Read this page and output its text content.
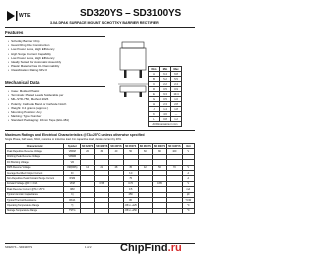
WTE	SD320YS – SD3100YS
3.0A DPAK SURFACE MOUNT SCHOTTKY BARRIER RECTIFIER
Features
• Schottky Barrier Chip
• Guard Ring Die Construction
• Low Power Loss, High Efficiency
• High Surge Current Capability
• Low Power Loss, High Efficiency
• Ideally Suited for Automatic Assembly
• Plastic Material has UL Flammability
• Classification Rating 94V-0
Mechanical Data
• Case: Molded Plastic
• Terminals: Plated Leads Solderable per
• MIL-STD-750, Method 2026
• Polarity: Cathode Band or Cathode Notch
• Weight: 0.4 grams (approx.)
• Mounting Position: Any
• Marking: Type Number
• Standard Packaging: 16mm Tape (EIA-481)
Dim	Min	Max
A	6.4	6.8
B	5.2	5.5
C	2.2	2.4
D	0.5	0.9
E	9.3	10.4
G	0.5	1.0
H	2.3	2.8
J	1.4	1.8
K	4.6	—
L	0.8	1.2
All Dimensions in mm		
Maximum Ratings and Electrical Characteristics @TA=25°C unless otherwise specified
Single Phase, half wave, 60Hz, resistive or inductive load. For capacitive load, derate current by 20%.
Characteristic	Symbol	SD 320YS	SD 330YS	SD 340YS	SD 350YS	SD 360YS	SD 380YS	SD 3100YS	Unit
Peak Repetitive Reverse Voltage	VRRM	20	30	40	50	60	80	100	V
Working Peak Reverse Voltage	VRWM								
DC Blocking Voltage	VR								
RMS Reverse Voltage	VR(RMS)	14	21	28	35	42	56	70	V
Average Rectified Output Current	IO				3.0				A
Non-Repetitive Peak Forward Surge Current	IFSM				75				A
Forward Voltage @IF = 3.0A	VFM		0.55		0.70		0.85		V
Peak Reverse Current @TA = 25°C	IRM				0.5				mA
Typical Junction Capacitance	Cj				250				pF
Typical Thermal Resistance	RθJA				80				°C/W
Operating Temperature Range	Tj				-65 to +125				°C
Storage Temperature Range	TSTG				-65 to +150				°C
SD320YS – SD3100YS	1 of 2	ChipFind.ru
